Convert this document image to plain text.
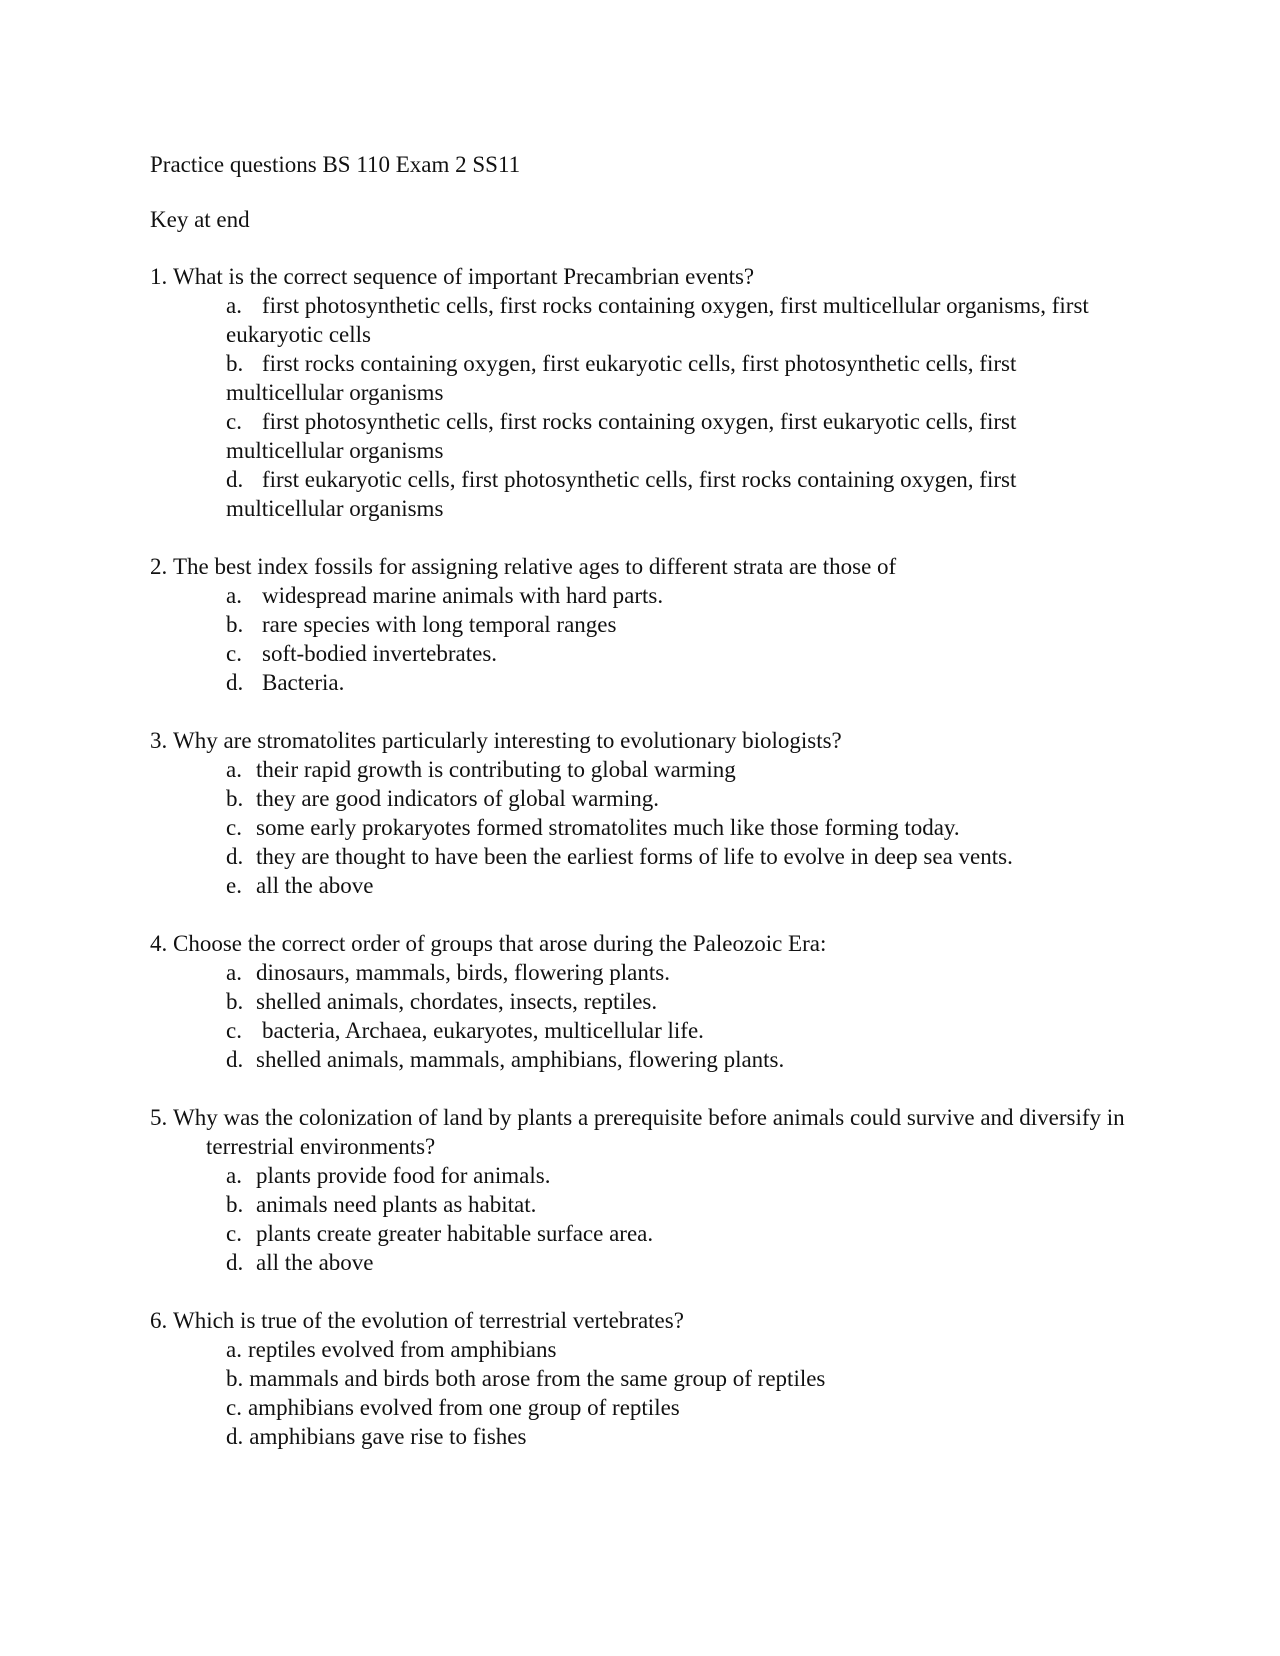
Practice questions BS 110 Exam 2 SS11
Key at end
1.
What is the correct sequence of important Precambrian events?
a. first photosynthetic cells, first rocks containing oxygen, first multicellular organisms, first eukaryotic cells
b. first rocks containing oxygen, first eukaryotic cells, first photosynthetic cells, first multicellular organisms
c. first photosynthetic cells, first rocks containing oxygen, first eukaryotic cells, first multicellular organisms
d. first eukaryotic cells, first photosynthetic cells, first rocks containing oxygen, first multicellular organisms
2.
The best index fossils for assigning relative ages to different strata are those of
a. widespread marine animals with hard parts.
b. rare species with long temporal ranges
c. soft-bodied invertebrates.
d. Bacteria.
3.
Why are stromatolites particularly interesting to evolutionary biologists?
a. their rapid growth is contributing to global warming
b. they are good indicators of global warming.
c. some early prokaryotes formed stromatolites much like those forming today.
d. they are thought to have been the earliest forms of life to evolve in deep sea vents.
e. all the above
4.
Choose the correct order of groups that arose during the Paleozoic Era:
a. dinosaurs, mammals, birds, flowering plants.
b. shelled animals, chordates, insects, reptiles.
c. bacteria, Archaea, eukaryotes, multicellular life.
d. shelled animals, mammals, amphibians, flowering plants.
5. Why was the colonization of land by plants a prerequisite before animals could survive and diversify in terrestrial environments?
a. plants provide food for animals.
b. animals need plants as habitat.
c. plants create greater habitable surface area.
d. all the above
6.
Which is true of the evolution of terrestrial vertebrates?
a. reptiles evolved from amphibians
b. mammals and birds both arose from the same group of reptiles
c. amphibians evolved from one group of reptiles
d. amphibians gave rise to fishes
